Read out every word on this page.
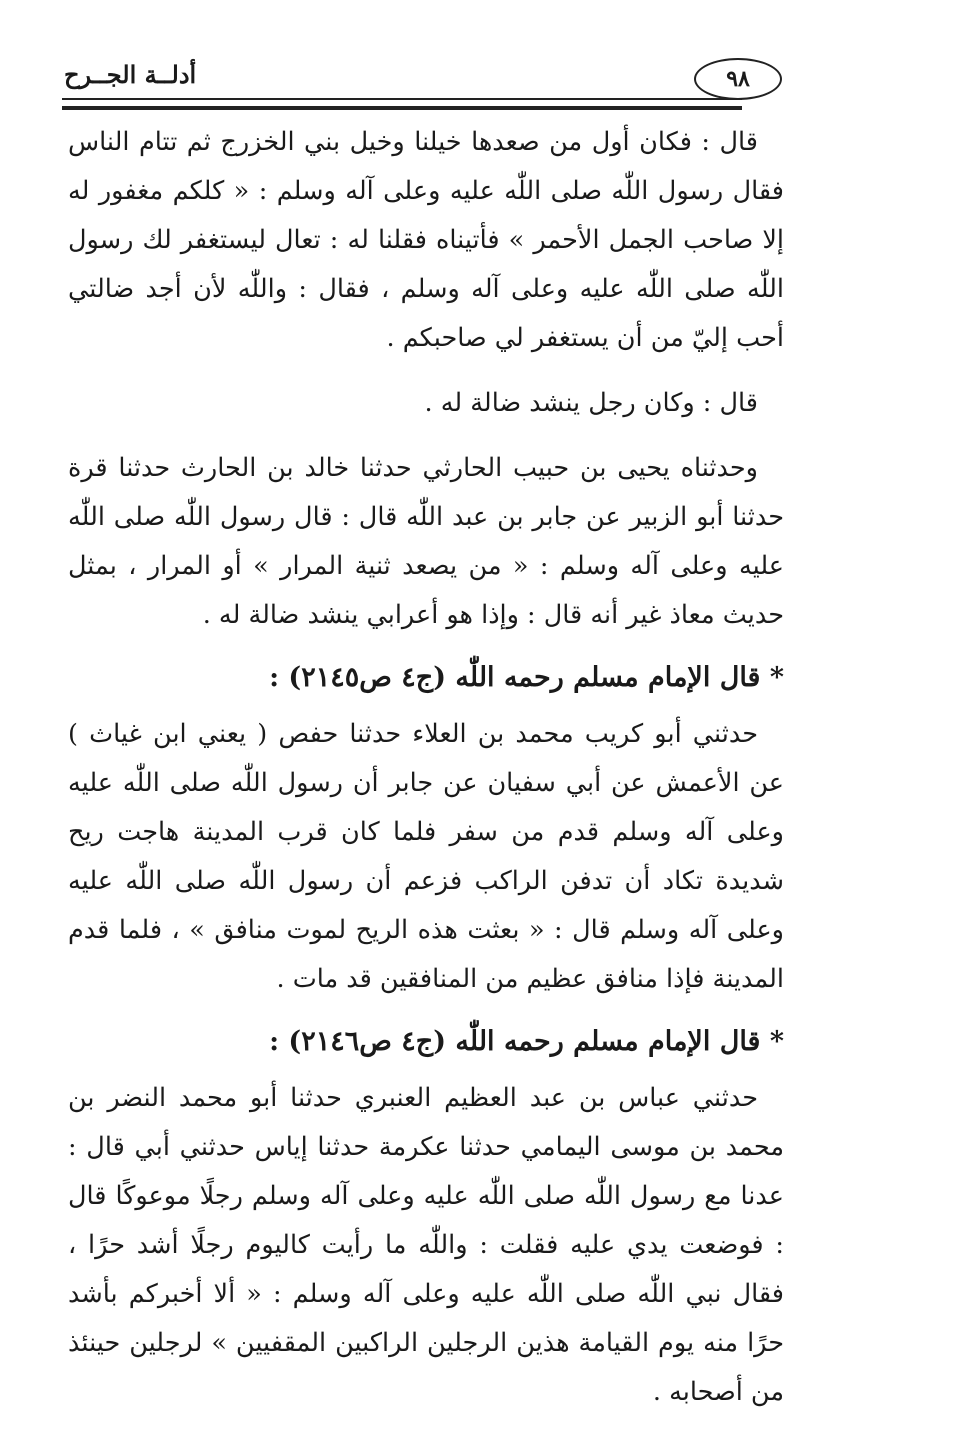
أدلــة الجــرح	٩٨

قال : فكان أول من صعدها خيلنا وخيل بني الخزرج ثم تتام الناس فقال رسول اللّٰه صلى اللّٰه عليه وعلى آله وسلم : « كلكم مغفور له إلا صاحب الجمل الأحمر » فأتيناه فقلنا له : تعال ليستغفر لك رسول اللّٰه صلى اللّٰه عليه وعلى آله وسلم ، فقال : واللّٰه لأن أجد ضالتي أحب إليّ من أن يستغفر لي صاحبكم .

قال : وكان رجل ينشد ضالة له .

وحدثناه يحيى بن حبيب الحارثي حدثنا خالد بن الحارث حدثنا قرة حدثنا أبو الزبير عن جابر بن عبد اللّٰه قال : قال رسول اللّٰه صلى اللّٰه عليه وعلى آله وسلم : « من يصعد ثنية المرار » أو المرار ، بمثل حديث معاذ غير أنه قال : وإذا هو أعرابي ينشد ضالة له .

* قال الإمام مسلم رحمه اللّٰه (ج٤ ص٢١٤٥) :

حدثني أبو كريب محمد بن العلاء حدثنا حفص ( يعني ابن غياث ) عن الأعمش عن أبي سفيان عن جابر أن رسول اللّٰه صلى اللّٰه عليه وعلى آله وسلم قدم من سفر فلما كان قرب المدينة هاجت ريح شديدة تكاد أن تدفن الراكب فزعم أن رسول اللّٰه صلى اللّٰه عليه وعلى آله وسلم قال : « بعثت هذه الريح لموت منافق » ، فلما قدم المدينة فإذا منافق عظيم من المنافقين قد مات .

* قال الإمام مسلم رحمه اللّٰه (ج٤ ص٢١٤٦) :

حدثني عباس بن عبد العظيم العنبري حدثنا أبو محمد النضر بن محمد بن موسى اليمامي حدثنا عكرمة حدثنا إياس حدثني أبي قال : عدنا مع رسول اللّٰه صلى اللّٰه عليه وعلى آله وسلم رجلًا موعوكًا قال : فوضعت يدي عليه فقلت : واللّٰه ما رأيت كاليوم رجلًا أشد حرًا ، فقال نبي اللّٰه صلى اللّٰه عليه وعلى آله وسلم : « ألا أخبركم بأشد حرًا منه يوم القيامة هذين الرجلين الراكبين المقفيين » لرجلين حينئذ من أصحابه .
